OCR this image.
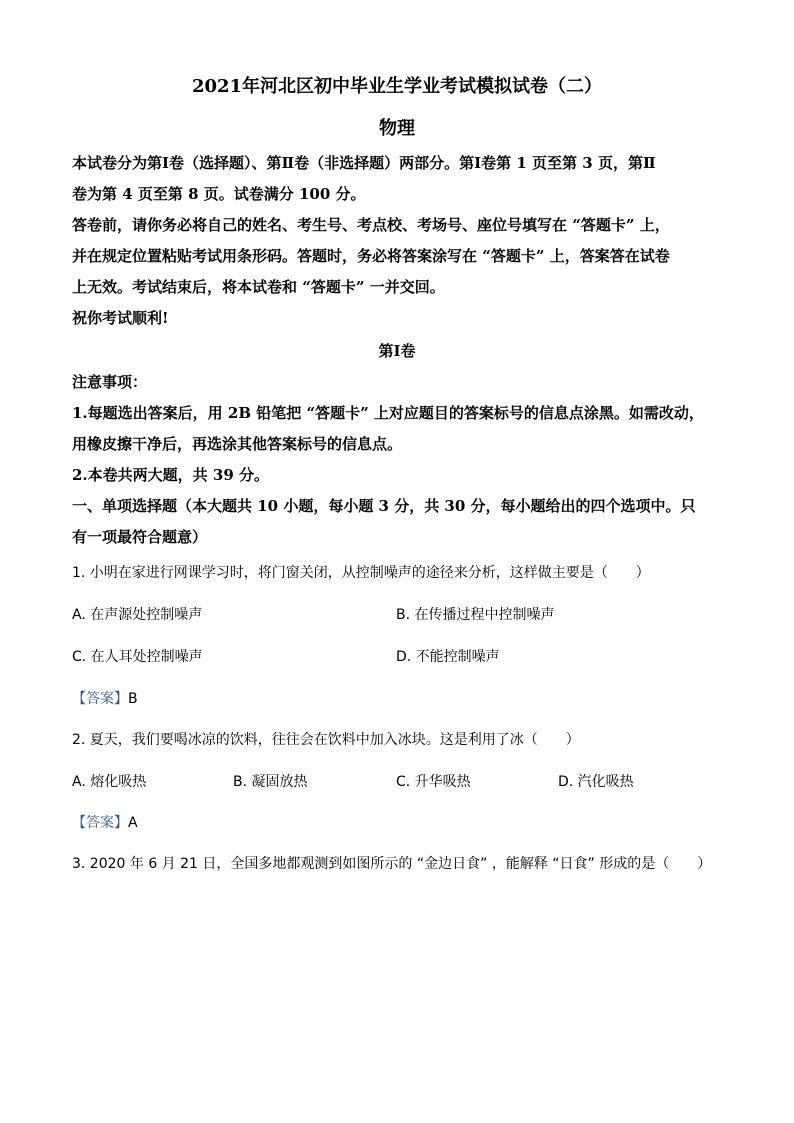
2021年河北区初中毕业生学业考试模拟试卷（二）
物理
本试卷分为第Ⅰ卷（选择题）、第Ⅱ卷（非选择题）两部分。第Ⅰ卷第 1 页至第 3 页，第Ⅱ
卷为第 4 页至第 8 页。试卷满分 100 分。
答卷前，请你务必将自己的姓名、考生号、考点校、考场号、座位号填写在 “答题卡” 上，
并在规定位置粘贴考试用条形码。答题时，务必将答案涂写在 “答题卡” 上，答案答在试卷
上无效。考试结束后，将本试卷和 “答题卡” 一并交回。
祝你考试顺利!
第Ⅰ卷
注意事项：
1.每题选出答案后，用 2B 铅笔把 “答题卡” 上对应题目的答案标号的信息点涂黑。如需改动，
用橡皮擦干净后，再选涂其他答案标号的信息点。
2.本卷共两大题，共 39 分。
一、单项选择题（本大题共 10 小题，每小题 3 分，共 30 分，每小题给出的四个选项中。只
有一项最符合题意）
1. 小明在家进行网课学习时，将门窗关闭，从控制噪声的途径来分析，这样做主要是（　　）
A. 在声源处控制噪声	B. 在传播过程中控制噪声
C. 在人耳处控制噪声	D. 不能控制噪声
【答案】B
2. 夏天，我们要喝冰凉的饮料，往往会在饮料中加入冰块。这是利用了冰（　　）
A. 熔化吸热	B. 凝固放热	C. 升华吸热	D. 汽化吸热
【答案】A
3. 2020 年 6 月 21 日，全国多地都观测到如图所示的 “金边日食” ，能解释 “日食” 形成的是（　　）
